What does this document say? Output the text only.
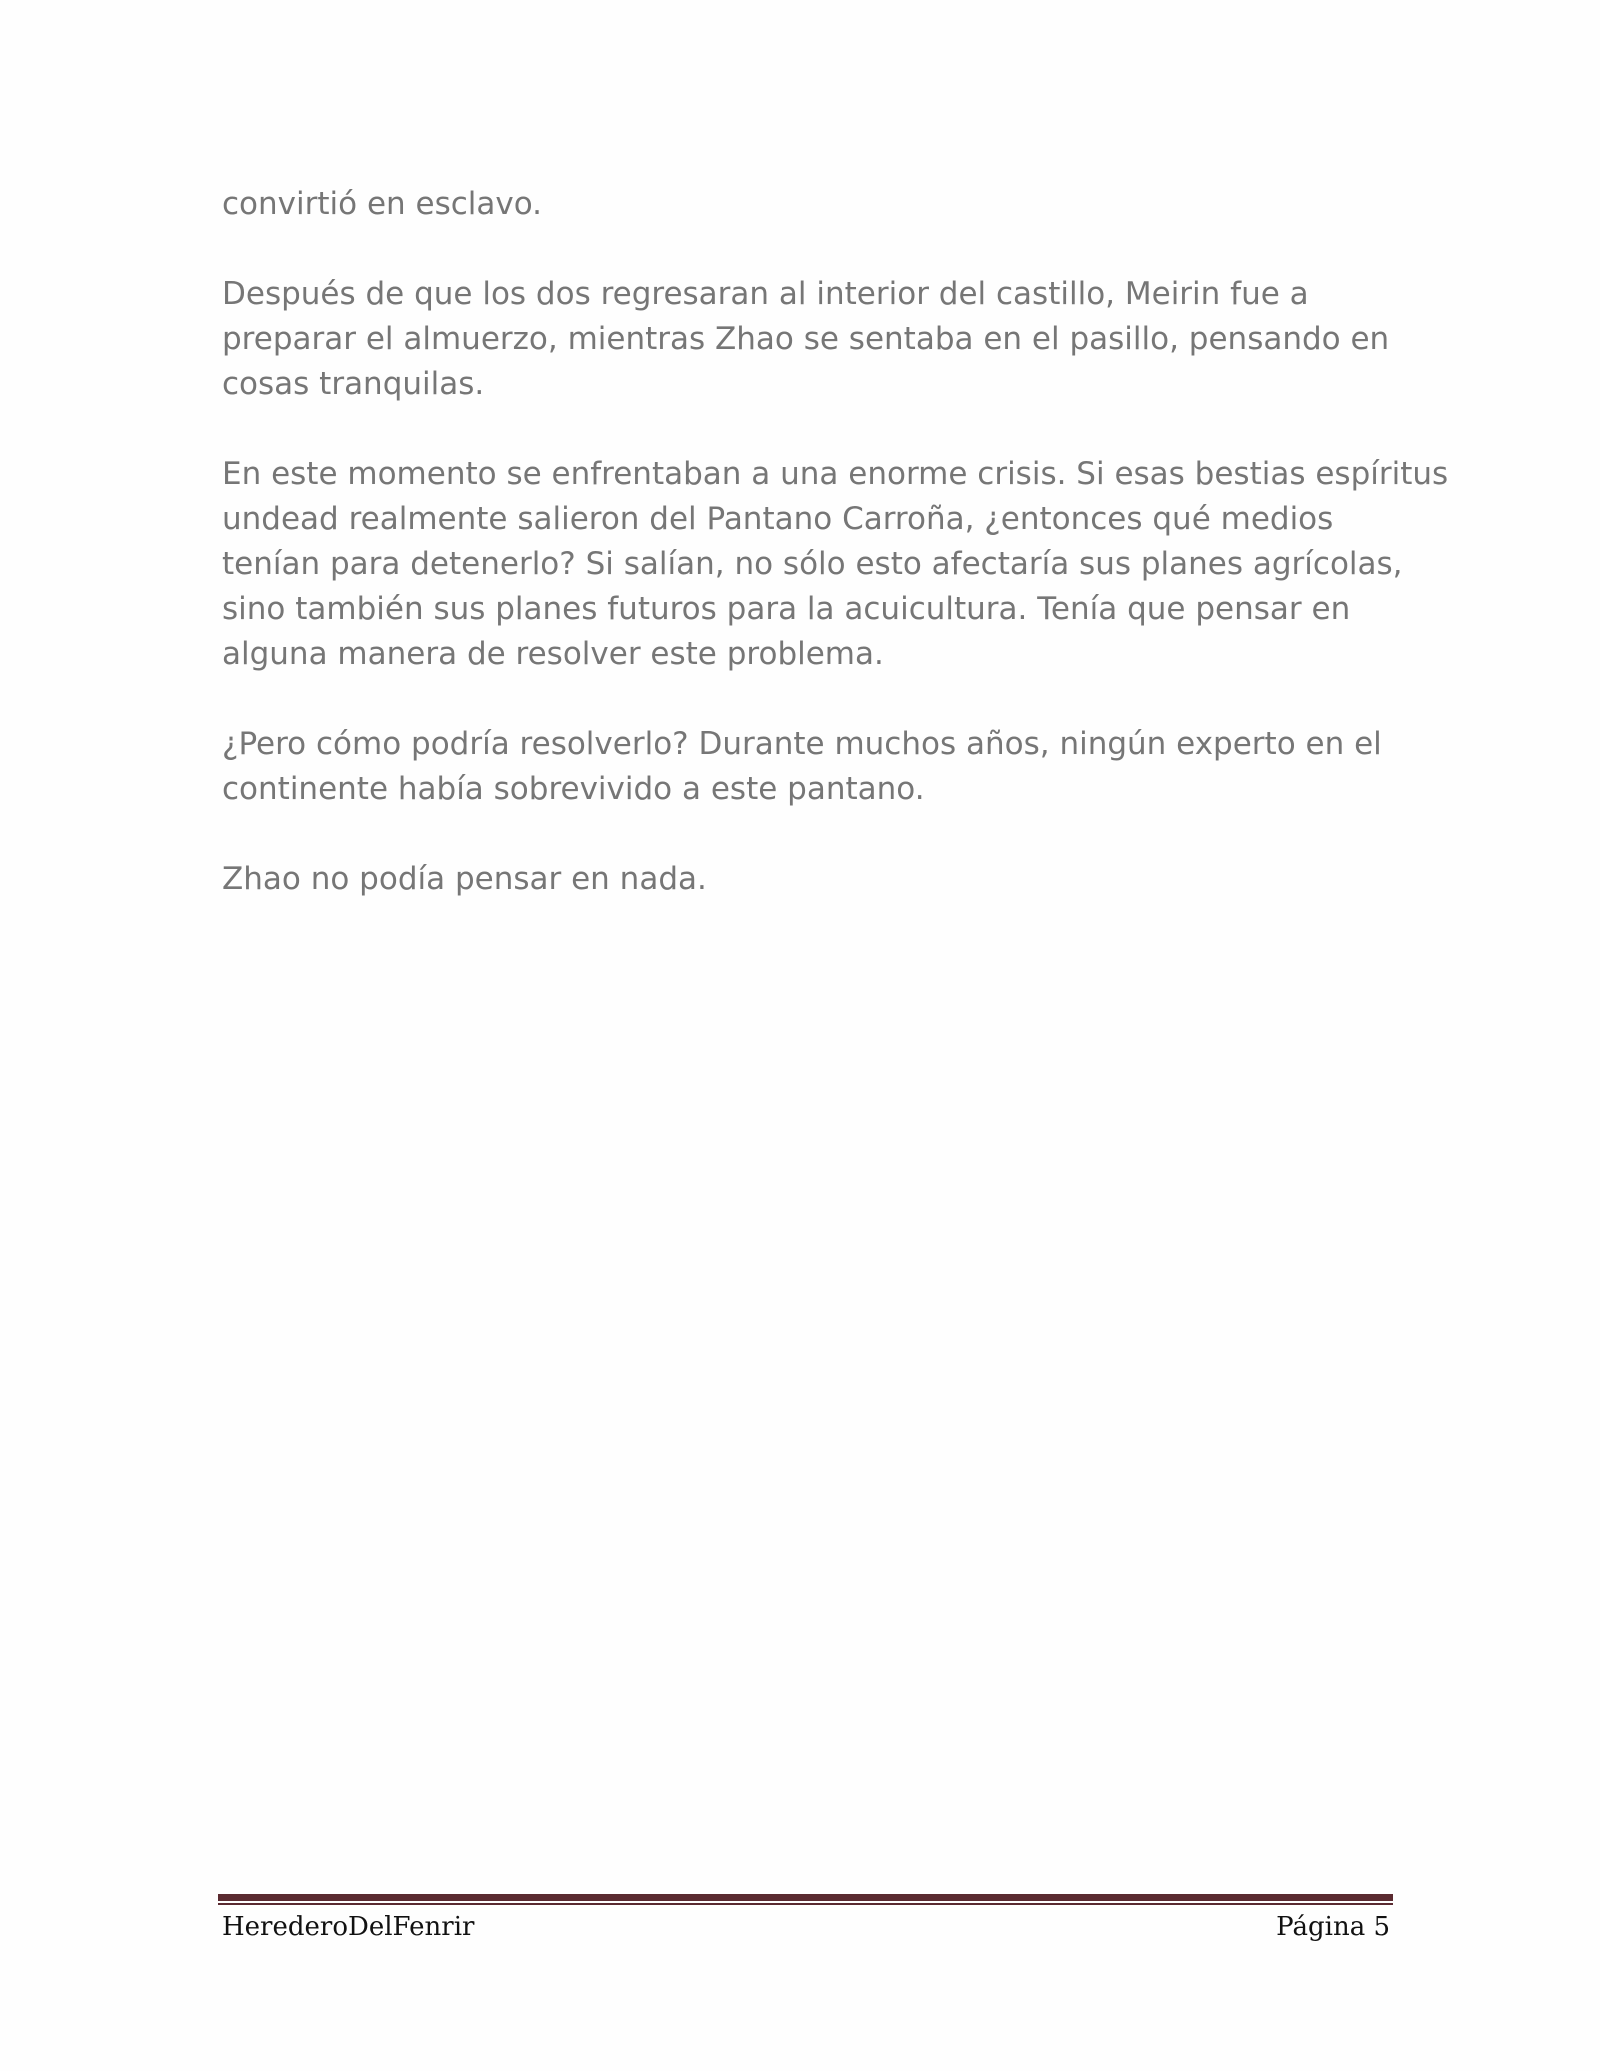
convirtió en esclavo.

Después de que los dos regresaran al interior del castillo, Meirin fue a
preparar el almuerzo, mientras Zhao se sentaba en el pasillo, pensando en
cosas tranquilas.

En este momento se enfrentaban a una enorme crisis. Si esas bestias espíritus
undead realmente salieron del Pantano Carroña, ¿entonces qué medios
tenían para detenerlo? Si salían, no sólo esto afectaría sus planes agrícolas,
sino también sus planes futuros para la acuicultura. Tenía que pensar en
alguna manera de resolver este problema.

¿Pero cómo podría resolverlo? Durante muchos años, ningún experto en el
continente había sobrevivido a este pantano.

Zhao no podía pensar en nada.

HerederoDelFenrir	Página 5
